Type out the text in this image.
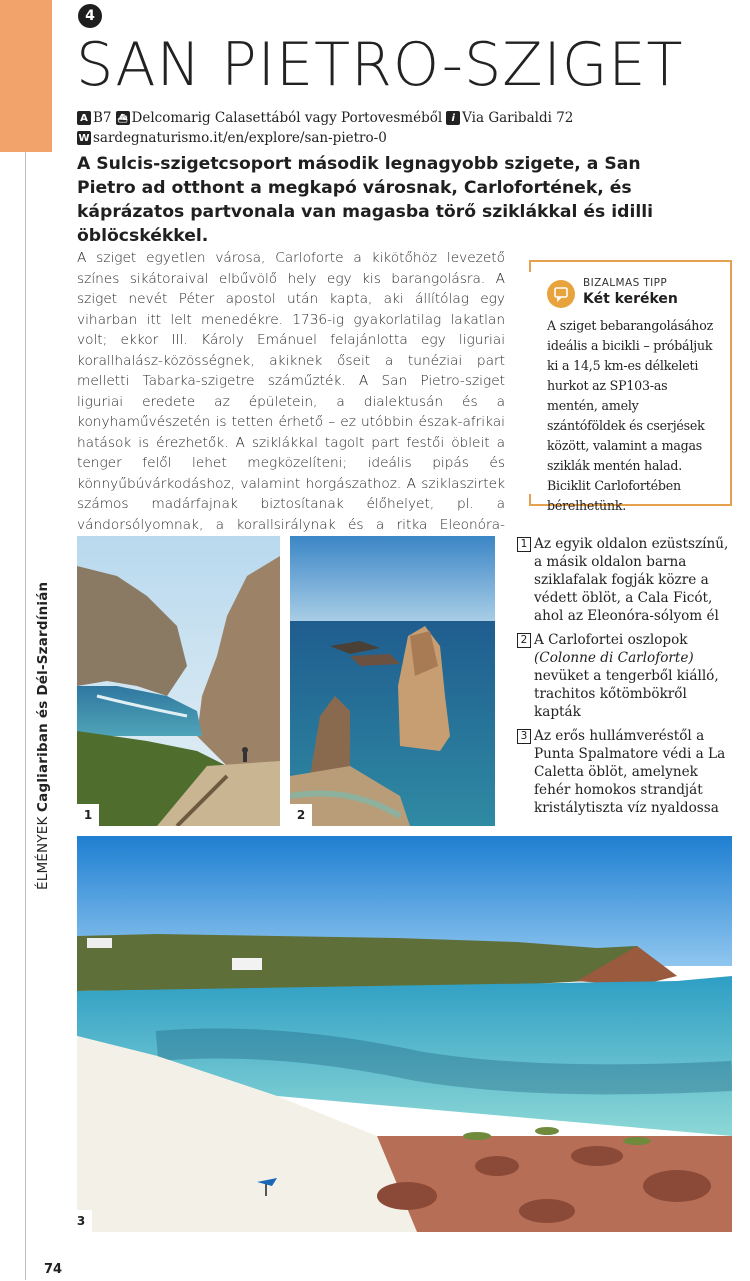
ÉLMÉNYEK Cagliariban és Dél-Szardínián
4
SAN PIETRO-SZIGET
A B7 ⛴ Delcomarig Calasettából vagy Portovesméből i Via Garibaldi 72
W sardegnaturismo.it/en/explore/san-pietro-0

A Sulcis-szigetcsoport második legnagyobb szigete, a San Pietro ad otthont a megkapó városnak, Carlofortének, és káprázatos partvonala van magasba törő sziklákkal és idilli öblöcskékkel.

A sziget egyetlen városa, Carloforte a kikötőhöz levezető színes sikátoraival elbűvölő hely egy kis barangolásra. A sziget nevét Péter apostol után kapta, aki állítólag egy viharban itt lelt menedékre. 1736-ig gyakorlatilag lakatlan volt; ekkor III. Károly Emánuel felajánlotta egy liguriai korallhalász-közösségnek, akiknek őseit a tunéziai part melletti Tabarka-szigetre száműzték. A San Pietro-sziget liguriai eredete az épületein, a dialektusán és a konyhaművészetén is tetten érhető – ez utóbbin észak-afrikai hatások is érezhetők. A sziklákkal tagolt part festői öbleit a tenger felől lehet megközelíteni; ideális pipás és könnyűbúvárkodáshoz, valamint horgászathoz. A sziklaszirtek számos madárfajnak biztosítanak élőhelyet, pl. a vándorsólyomnak, a korallsirálynak és a ritka Eleonóra-

BIZALMAS TIPP
Két keréken

A sziget bebarangolásához ideális a bicikli – próbáljuk ki a 14,5 km-es délkeleti hurkot az SP103-as mentén, amely szántóföldek és cserjések között, valamint a magas sziklák mentén halad. Biciklit Carlofortében bérelhetünk.

1	2
3
1 Az egyik oldalon ezüstszínű, a másik oldalon barna sziklafalak fogják közre a védett öblöt, a Cala Ficót, ahol az Eleonóra-sólyom él
2 A Carlofortei oszlopok (Colonne di Carloforte) nevüket a tengerből kiálló, trachitos kőtömbökről kapták
3 Az erős hullámveréstől a Punta Spalmatore védi a La Caletta öblöt, amelynek fehér homokos strandját kristálytiszta víz nyaldossa
74
